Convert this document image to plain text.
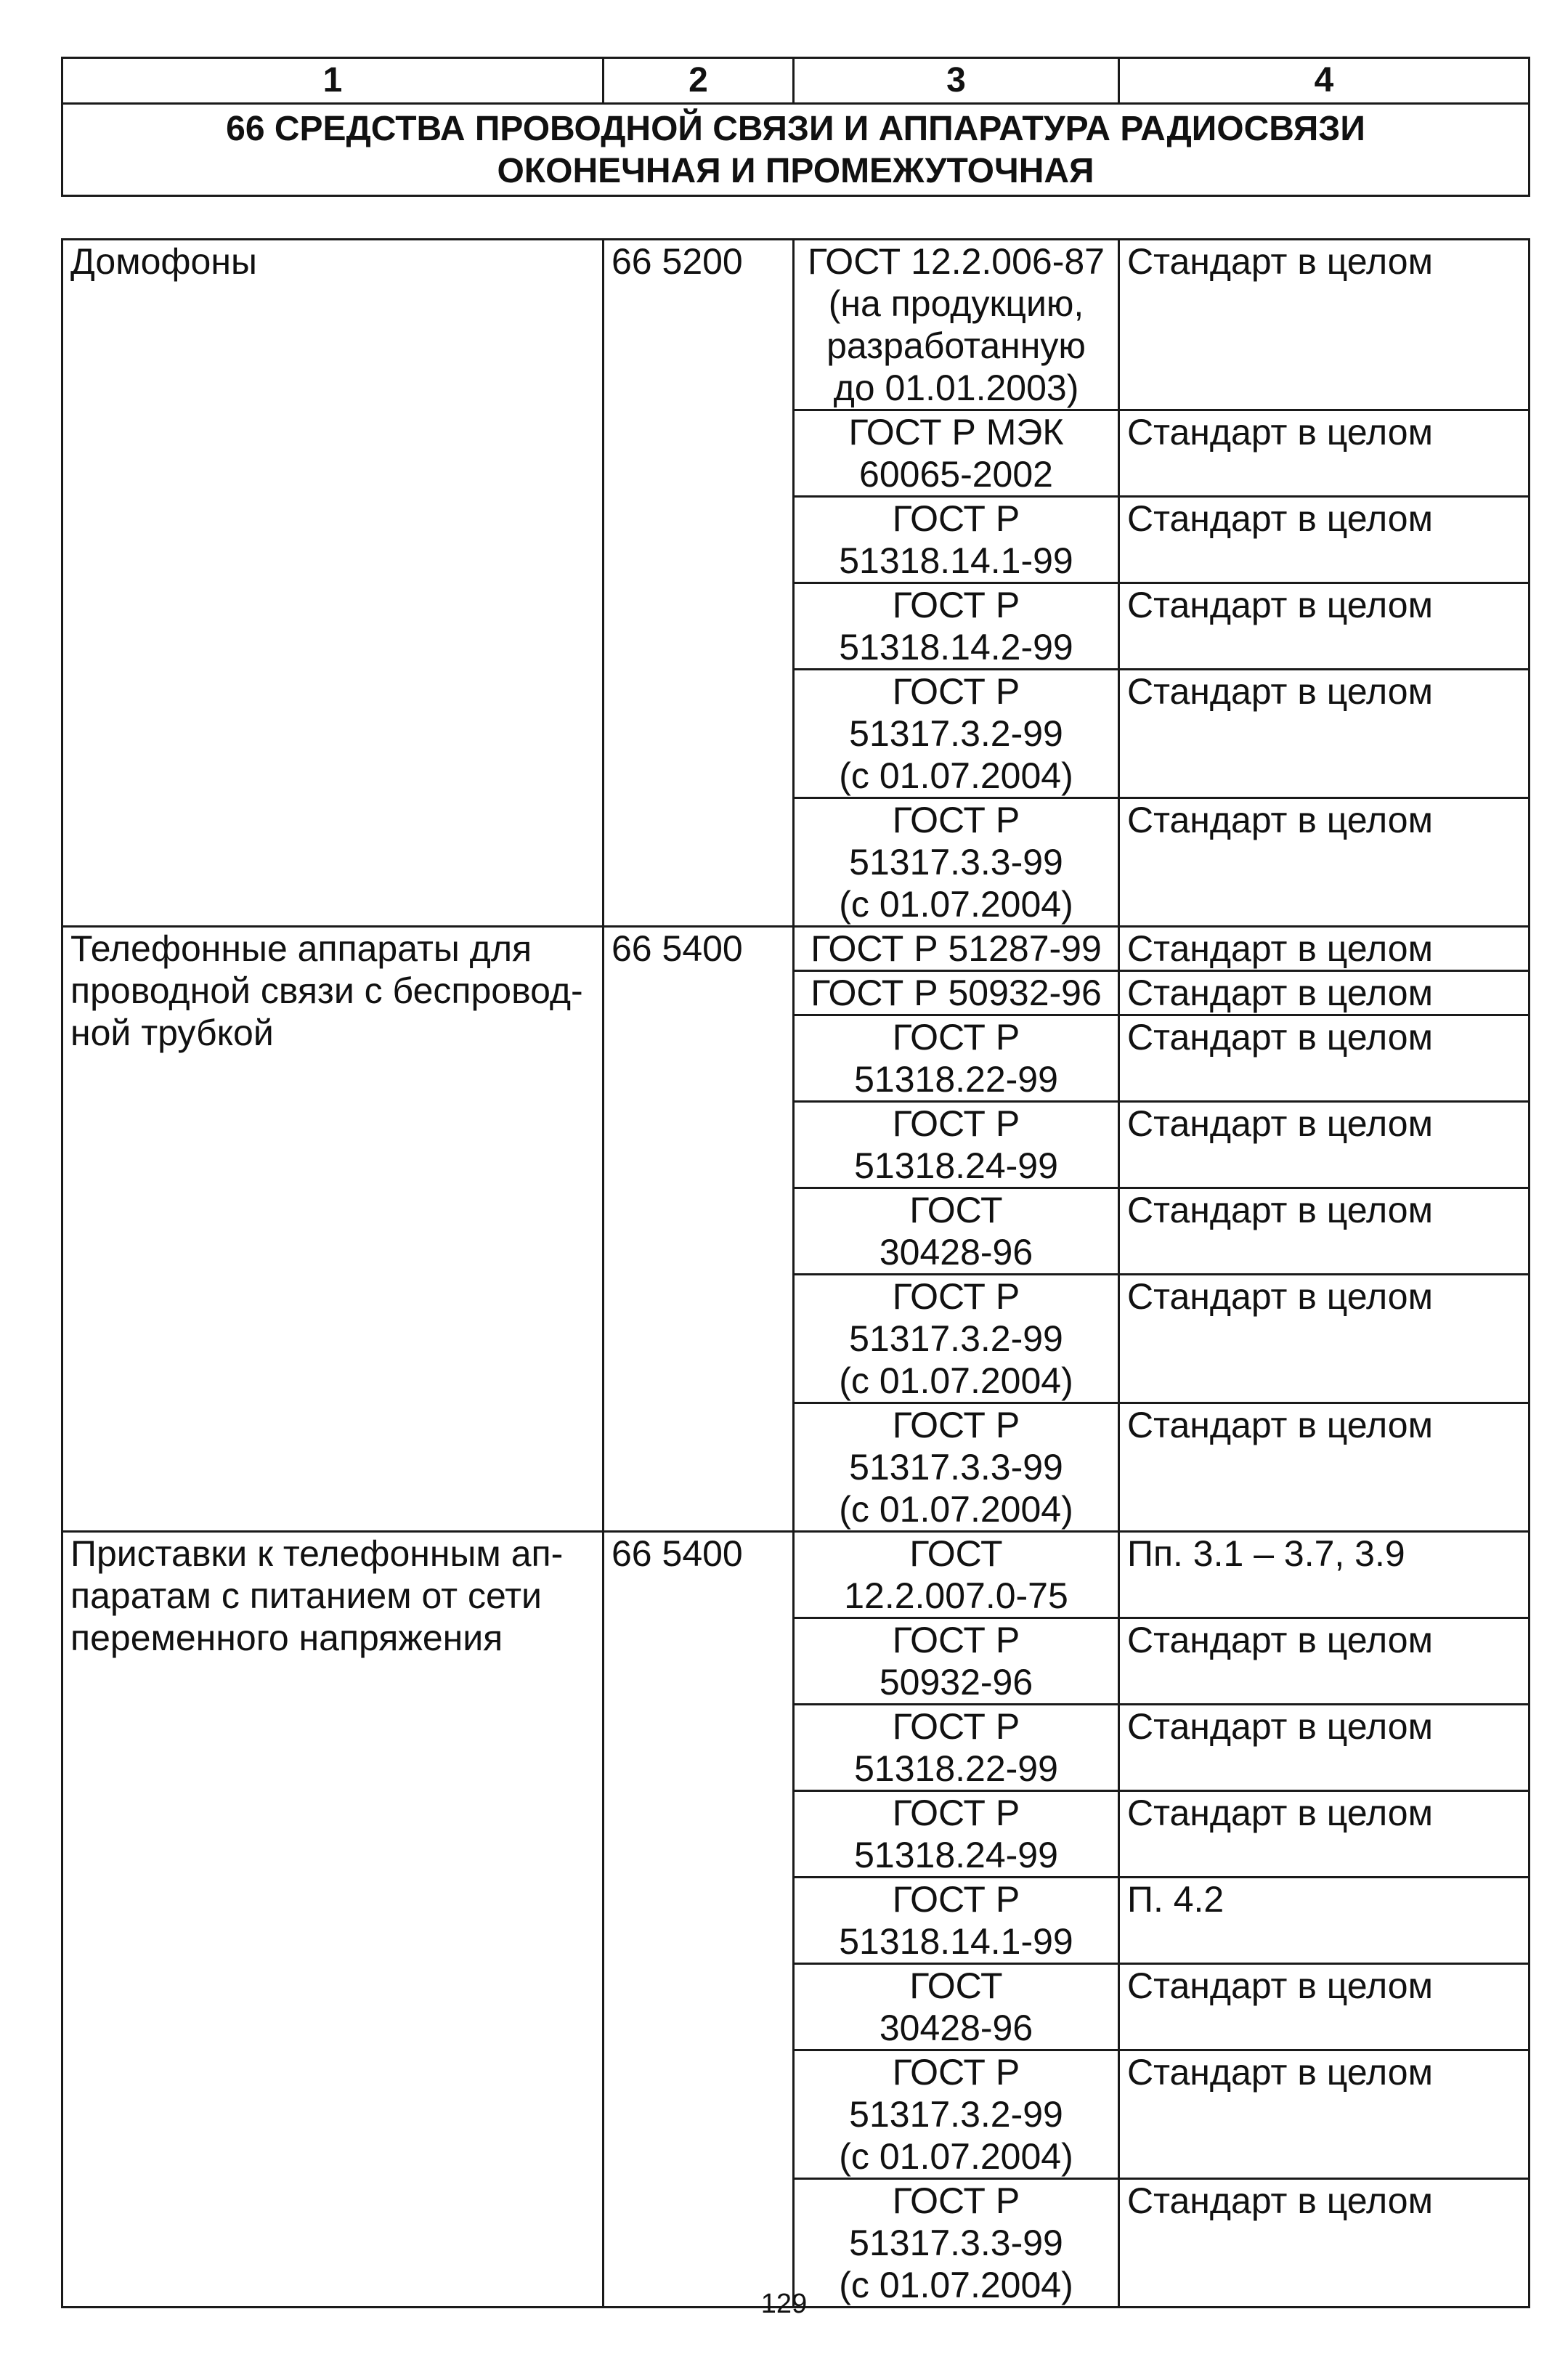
1	2	3	4

66 СРЕДСТВА ПРОВОДНОЙ СВЯЗИ И АППАРАТУРА РАДИОСВЯЗИ
ОКОНЕЧНАЯ И ПРОМЕЖУТОЧНАЯ
Домофоны	66 5200	ГОСТ 12.2.006-87
(на продукцию,
разработанную
до 01.01.2003)	Стандарт в целом

		ГОСТ Р МЭК
60065-2002	Стандарт в целом

		ГОСТ Р
51318.14.1-99	Стандарт в целом

		ГОСТ Р
51318.14.2-99	Стандарт в целом

		ГОСТ Р
51317.3.2-99
(с 01.07.2004)	Стандарт в целом

		ГОСТ Р
51317.3.3-99
(с 01.07.2004)	Стандарт в целом

Телефонные аппараты для
проводной связи с беспровод-
ной трубкой	66 5400	ГОСТ Р 51287-99	Стандарт в целом

		ГОСТ Р 50932-96	Стандарт в целом

		ГОСТ Р
51318.22-99	Стандарт в целом

		ГОСТ Р
51318.24-99	Стандарт в целом

		ГОСТ
30428-96	Стандарт в целом

		ГОСТ Р
51317.3.2-99
(с 01.07.2004)	Стандарт в целом

		ГОСТ Р
51317.3.3-99
(с 01.07.2004)	Стандарт в целом

Приставки к телефонным ап-
паратам с питанием от сети
переменного напряжения	66 5400	ГОСТ
12.2.007.0-75	Пп. 3.1 – 3.7, 3.9

		ГОСТ Р
50932-96	Стандарт в целом

		ГОСТ Р
51318.22-99	Стандарт в целом

		ГОСТ Р
51318.24-99	Стандарт в целом

		ГОСТ Р
51318.14.1-99	П. 4.2

		ГОСТ
30428-96	Стандарт в целом

		ГОСТ Р
51317.3.2-99
(с 01.07.2004)	Стандарт в целом

		ГОСТ Р
51317.3.3-99
(с 01.07.2004)	Стандарт в целом
129
